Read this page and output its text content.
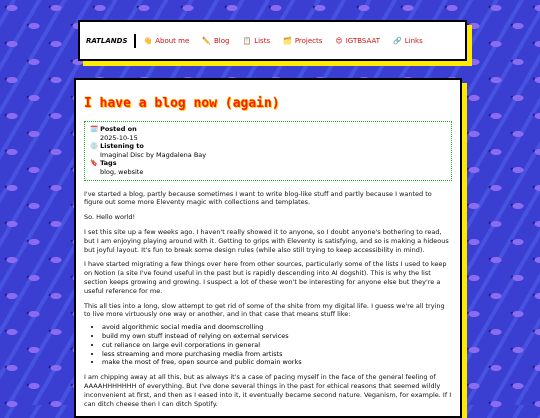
RATLANDS	👋 About me ✏️ Blog 📋 Lists 🗂️ Projects 😍 IGTBSAAT 🔗 Links
I have a blog now (again)
🗓️ Posted on
2025-10-15
💿 Listening to
Imaginal Disc by Magdalena Bay
🔖 Tags
blog, website

I've started a blog, partly because sometimes I want to write blog-like stuff and partly because I wanted to figure out some more Eleventy magic with collections and templates.

So. Hello world!

I set this site up a few weeks ago. I haven't really showed it to anyone, so I doubt anyone's bothering to read, but I am enjoying playing around with it. Getting to grips with Eleventy is satisfying, and so is making a hideous but joyful layout. It's fun to break some design rules (while also still trying to keep accessibility in mind).

I have started migrating a few things over here from other sources, particularly some of the lists I used to keep on Notion (a site I've found useful in the past but is rapidly descending into AI dogshit). This is why the list section keeps growing and growing. I suspect a lot of these won't be interesting for anyone else but they're a useful reference for me.

This all ties into a long, slow attempt to get rid of some of the shite from my digital life. I guess we're all trying to live more virtuously one way or another, and in that case that means stuff like:

• avoid algorithmic social media and doomscrolling
• build my own stuff instead of relying on external services
• cut reliance on large evil corporations in general
• less streaming and more purchasing media from artists
• make the most of free, open source and public domain works

I am chipping away at all this, but as always it's a case of pacing myself in the face of the general feeling of AAAAHHHHHHH of everything. But I've done several things in the past for ethical reasons that seemed wildly inconvenient at first, and then as I eased into it, it eventually became second nature. Veganism, for example. If I can ditch cheese then I can ditch Spotify.
